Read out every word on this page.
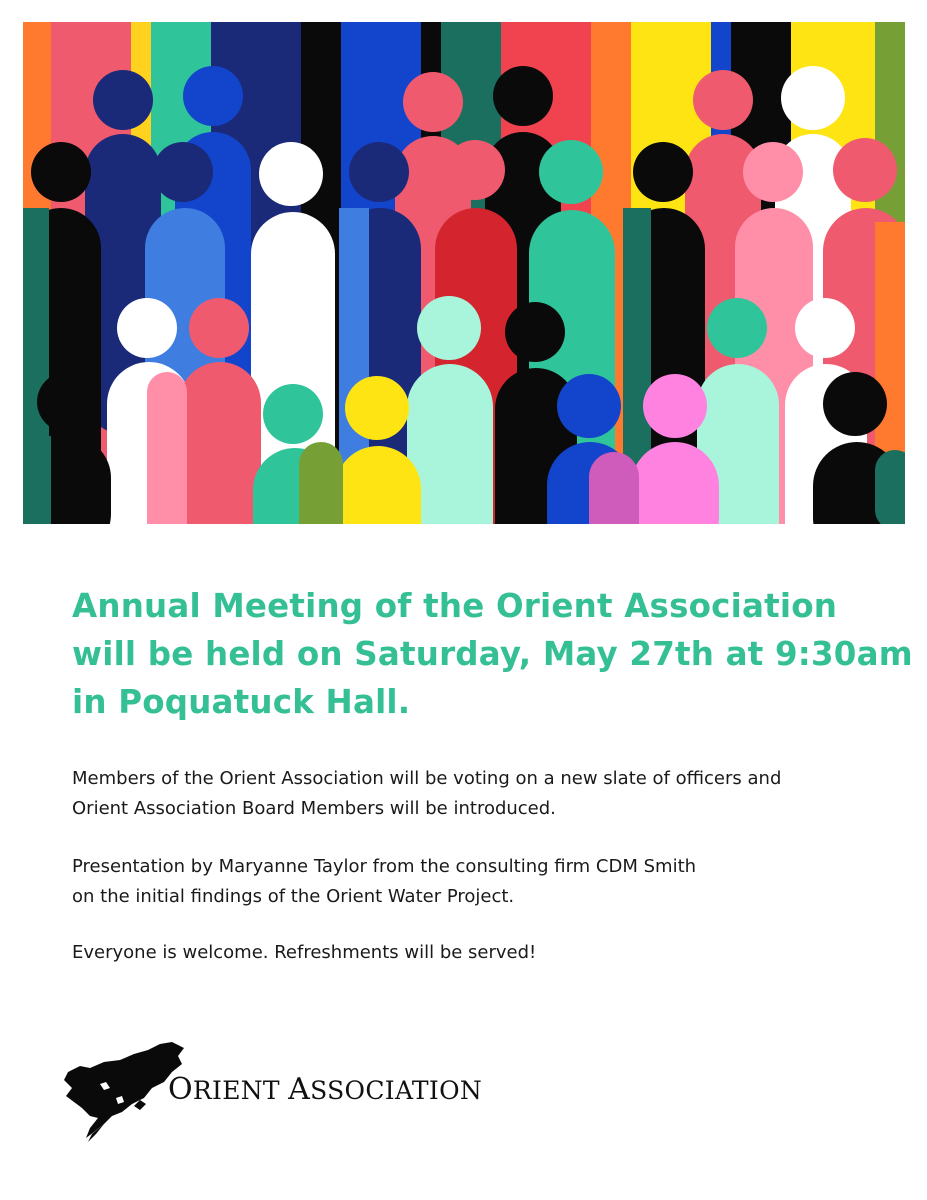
Annual Meeting of the Orient Association
will be held on Saturday, May 27th at 9:30am
in Poquatuck Hall.

Members of the Orient Association will be voting on a new slate of officers and
Orient Association Board Members will be introduced.

Presentation by Maryanne Taylor from the consulting firm CDM Smith
on the initial findings of the Orient Water Project.

Everyone is welcome. Refreshments will be served!

ORIENT ASSOCIATION
